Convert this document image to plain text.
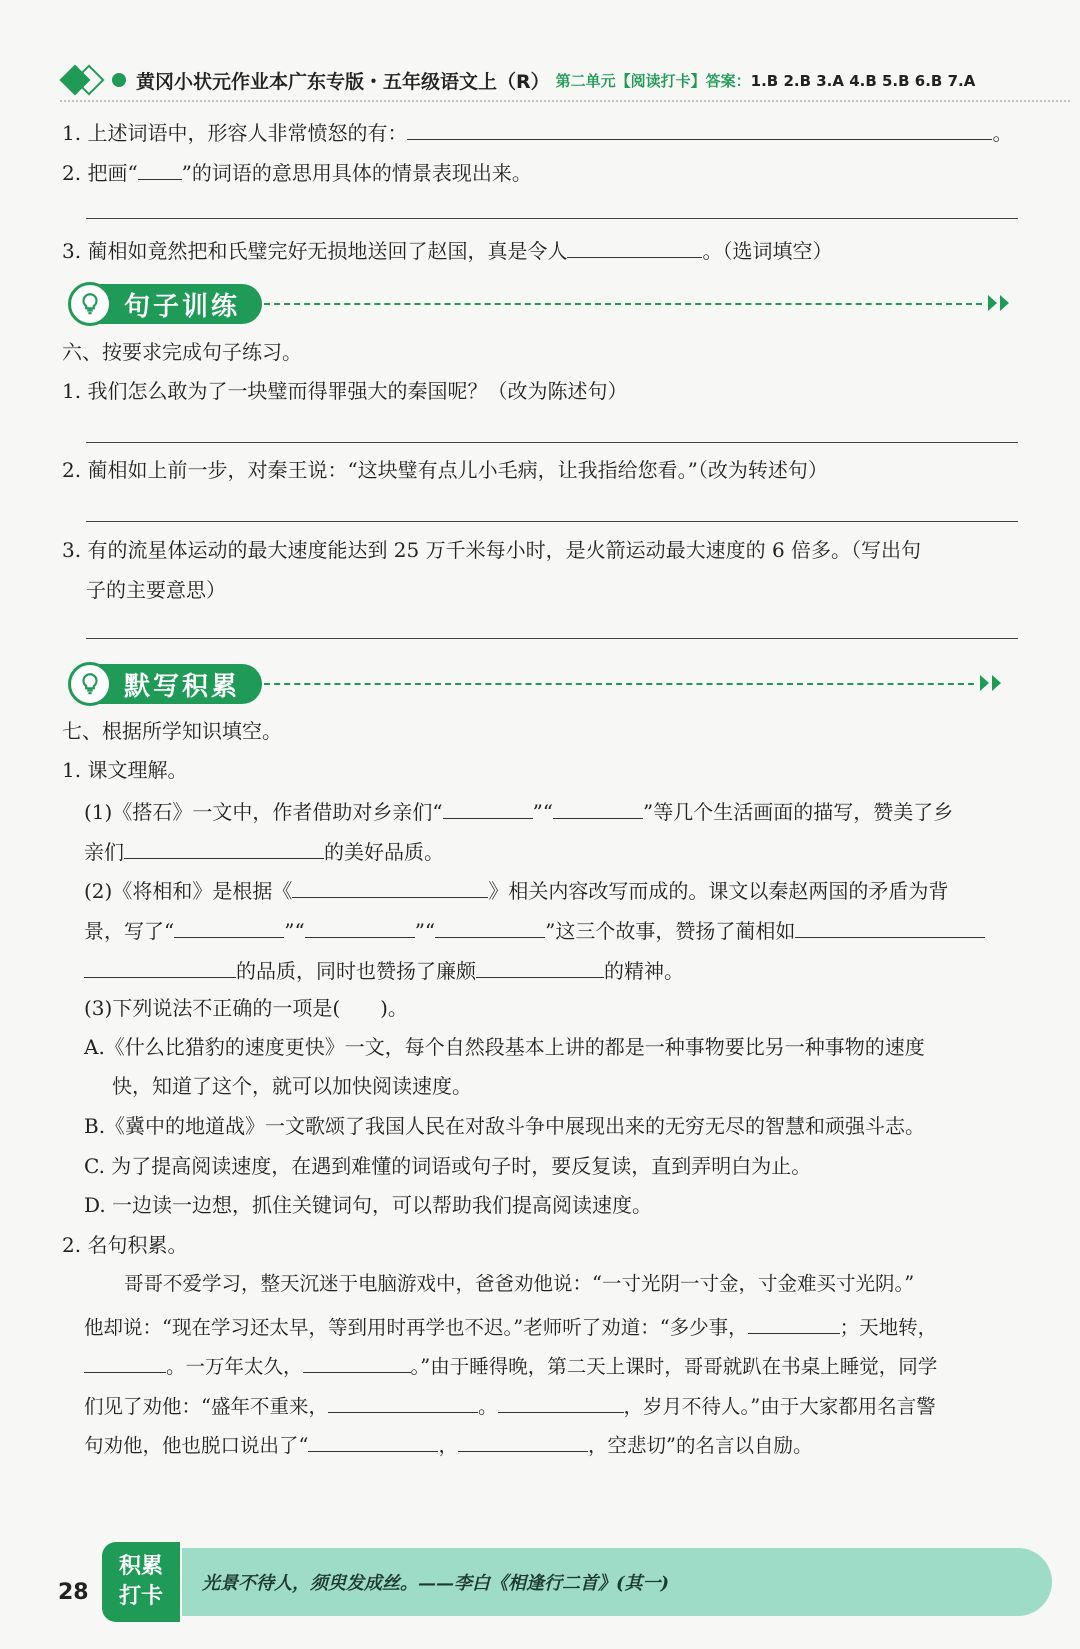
黄冈小状元作业本广东专版・五年级语文上（R） 第二单元【阅读打卡】答案：1.B 2.B 3.A 4.B 5.B 6.B 7.A
1. 上述词语中，形容人非常愤怒的有：	。
2. 把画“ ”的词语的意思用具体的情景表现出来。
3. 蔺相如竟然把和氏璧完好无损地送回了赵国，真是令人	。（选词填空）
句子训练
六、按要求完成句子练习。
1. 我们怎么敢为了一块璧而得罪强大的秦国呢？（改为陈述句）
2. 蔺相如上前一步，对秦王说：“这块璧有点儿小毛病，让我指给您看。”（改为转述句）
3. 有的流星体运动的最大速度能达到 25 万千米每小时，是火箭运动最大速度的 6 倍多。（写出句
子的主要意思）
默写积累
七、根据所学知识填空。
1. 课文理解。
(1)《搭石》一文中，作者借助对乡亲们“	”“	”等几个生活画面的描写，赞美了乡
亲们	的美好品质。
(2)《将相和》是根据《	》相关内容改写而成的。课文以秦赵两国的矛盾为背
景，写了“	”“	”“	”这三个故事，赞扬了蔺相如
的品质，同时也赞扬了廉颇	的精神。
(3)下列说法不正确的一项是(　　)。
A.《什么比猎豹的速度更快》一文，每个自然段基本上讲的都是一种事物要比另一种事物的速度
快，知道了这个，就可以加快阅读速度。
B.《冀中的地道战》一文歌颂了我国人民在对敌斗争中展现出来的无穷无尽的智慧和顽强斗志。
C. 为了提高阅读速度，在遇到难懂的词语或句子时，要反复读，直到弄明白为止。
D. 一边读一边想，抓住关键词句，可以帮助我们提高阅读速度。
2. 名句积累。
哥哥不爱学习，整天沉迷于电脑游戏中，爸爸劝他说：“一寸光阴一寸金，寸金难买寸光阴。”
他却说：“现在学习还太早，等到用时再学也不迟。”老师听了劝道：“多少事，	；天地转，
。一万年太久，	。”由于睡得晚，第二天上课时，哥哥就趴在书桌上睡觉，同学
们见了劝他：“盛年不重来，	。	，岁月不待人。”由于大家都用名言警
句劝他，他也脱口说出了“	，	，空悲切”的名言以自励。
28
积累
打卡
光景不待人，须臾发成丝。——李白《相逢行二首》(其一)
